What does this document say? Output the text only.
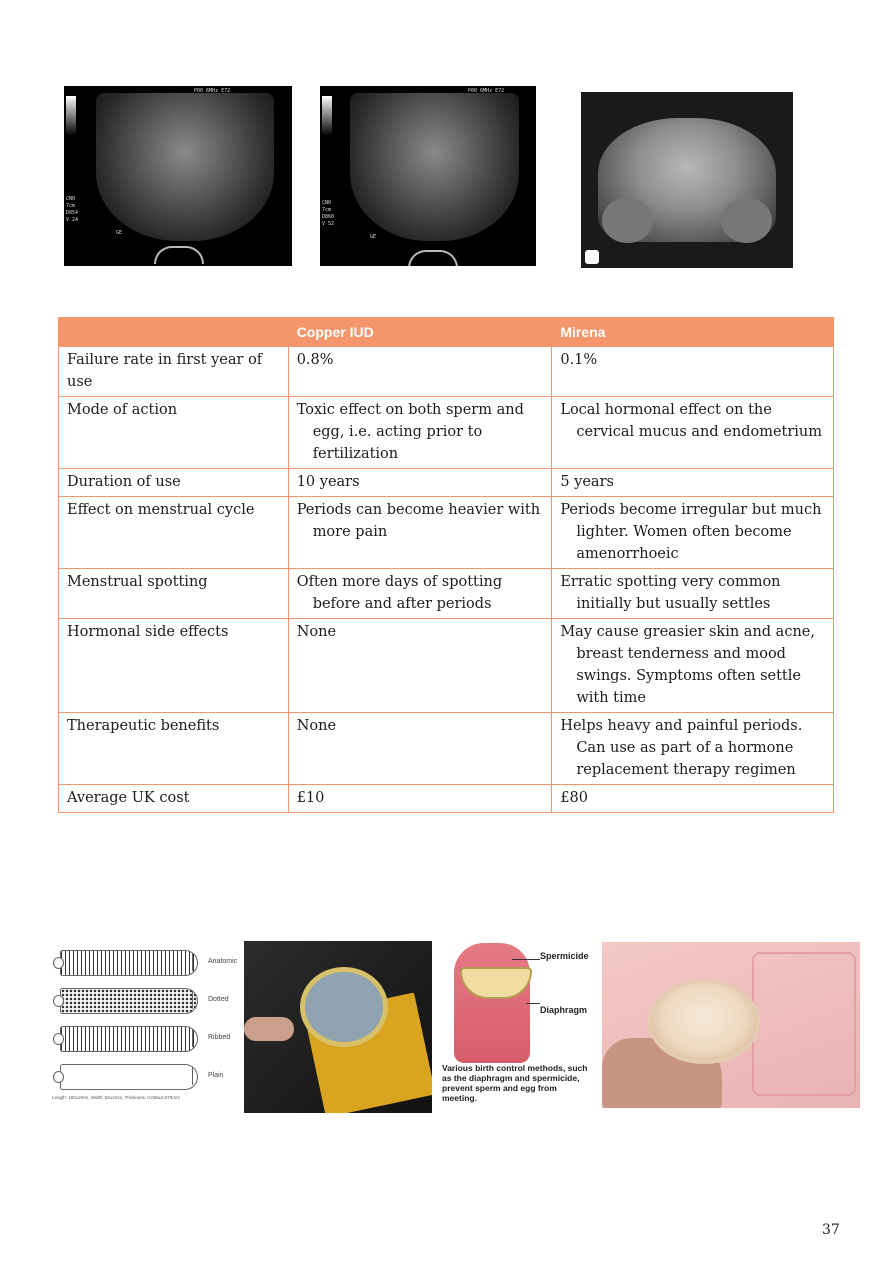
P00 6MHz E72
CN0
7cm
D854
V 24
GE
P00 6MHz E72
CN0
7cm
D860
V 52
GE
	Copper IUD	Mirena
Failure rate in first year of use	0.8%	0.1%

Mode of action	Toxic effect on both sperm and egg, i.e. acting prior to fertilization	Local hormonal effect on the cervical mucus and endometrium

Duration of use	10 years	5 years

Effect on menstrual cycle	Periods can become heavier with more pain	Periods become irregular but much lighter. Women often become amenorrhoeic

Menstrual spotting	Often more days of spotting before and after periods	Erratic spotting very common initially but usually settles

Hormonal side effects	None	May cause greasier skin and acne, breast tenderness and mood swings. Symptoms often settle with time

Therapeutic benefits	None	Helps heavy and painful periods. Can use as part of a hormone replacement therapy regimen

Average UK cost	£10	£80
Anatomic
Dotted
Ribbed
Plain
Length: 180±2mm, Width: 52±2mm, Thickness: 0.065±0.075mm
Spermicide
Diaphragm
Various birth control methods, such as the diaphragm and spermicide, prevent sperm and egg from meeting.
37
